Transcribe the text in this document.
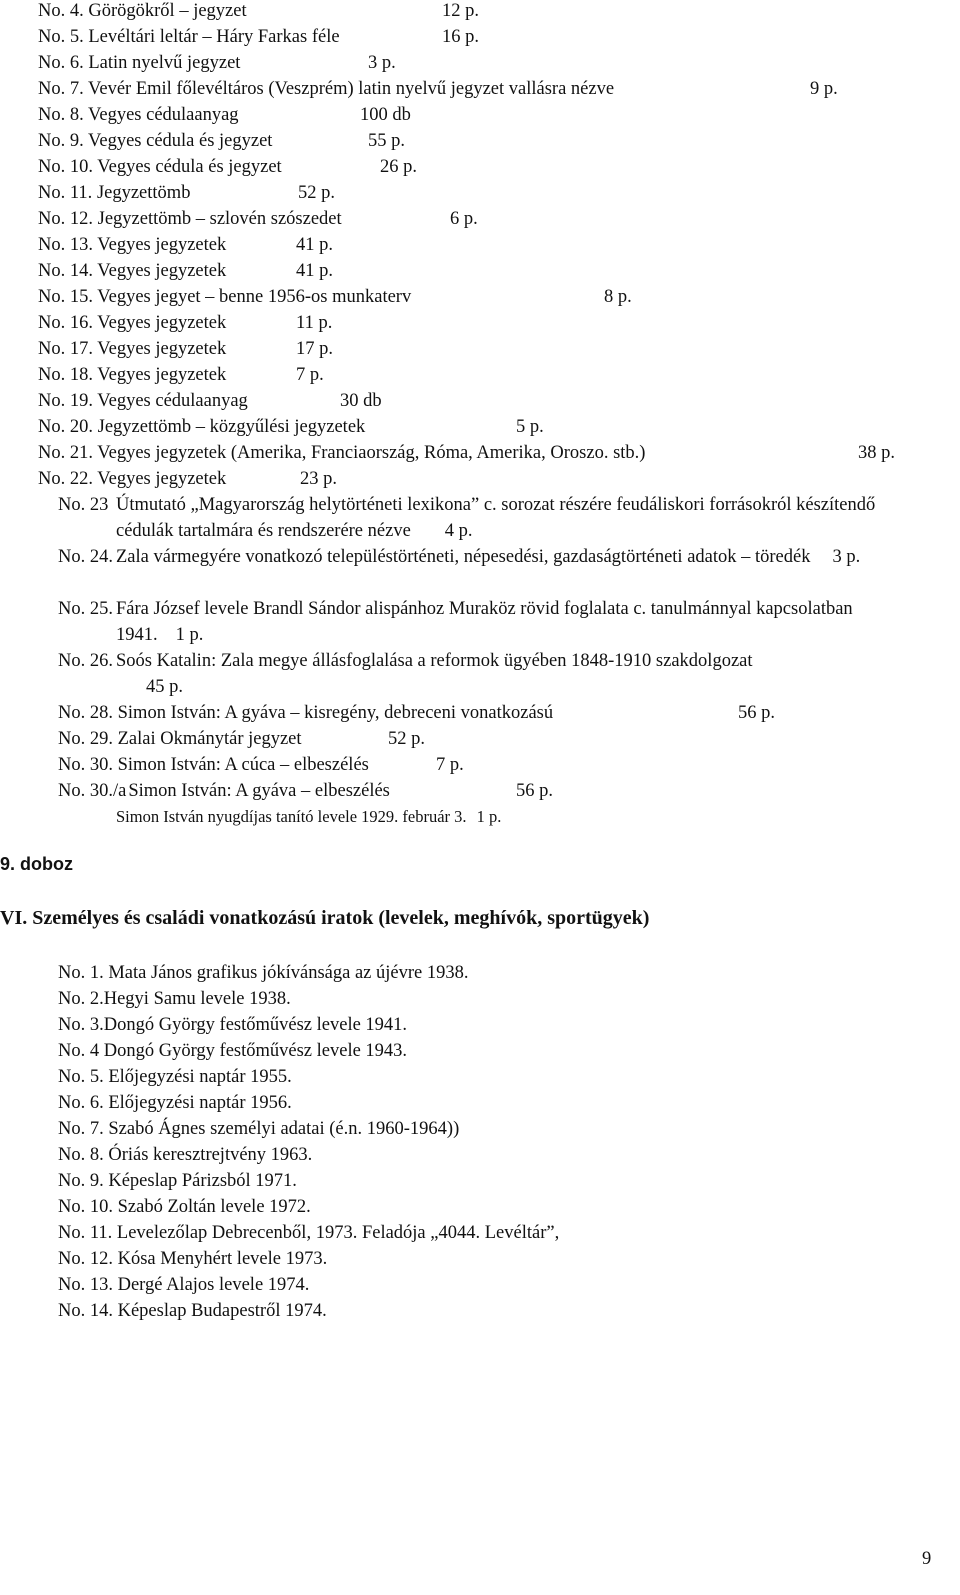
No. 4. Görögökről – jegyzet	12 p.
No. 5. Levéltári leltár – Háry Farkas féle	16 p.
No. 6. Latin nyelvű jegyzet	3 p.
No. 7. Vevér Emil főlevéltáros (Veszprém) latin nyelvű jegyzet vallásra nézve	9 p.
No. 8. Vegyes cédulaanyag	100 db
No. 9. Vegyes cédula és jegyzet	55 p.
No. 10. Vegyes cédula és jegyzet	26 p.
No. 11. Jegyzettömb	52 p.
No. 12. Jegyzettömb – szlovén szószedet	6 p.
No. 13. Vegyes jegyzetek	41 p.
No. 14. Vegyes jegyzetek	41 p.
No. 15. Vegyes jegyet – benne 1956-os munkaterv	8 p.
No. 16. Vegyes jegyzetek	11 p.
No. 17. Vegyes jegyzetek	17 p.
No. 18. Vegyes jegyzetek	7 p.
No. 19. Vegyes cédulaanyag	30 db
No. 20. Jegyzettömb – közgyűlési jegyzetek	5 p.
No. 21. Vegyes jegyzetek (Amerika, Franciaország, Róma, Amerika, Oroszo. stb.)	38 p.
No. 22. Vegyes jegyzetek	23 p.
No. 23 Útmutató „Magyarország helytörténeti lexikona” c. sorozat részére feudáliskori forrásokról készítendő cédulák tartalmára és rendszerére nézve 4 p.
No. 24. Zala vármegyére vonatkozó településtörténeti, népesedési, gazdaságtörténeti adatok – töredék 3 p.
No. 25. Fára József levele Brandl Sándor alispánhoz Muraköz rövid foglalata c. tanulmánnyal kapcsolatban 1941. 1 p.
No. 26. Soós Katalin: Zala megye állásfoglalása a reformok ügyében 1848-1910 szakdolgozat
45 p.
No. 28. Simon István: A gyáva – kisregény, debreceni vonatkozású	56 p.
No. 29. Zalai Okmánytár jegyzet	52 p.
No. 30. Simon István: A cúca – elbeszélés	7 p.
No. 30./a Simon István: A gyáva – elbeszélés	56 p.
Simon István nyugdíjas tanító levele 1929. február 3. 1 p.
9. doboz
VI. Személyes és családi vonatkozású iratok (levelek, meghívók, sportügyek)
No. 1. Mata János grafikus jókívánsága az újévre 1938.
No. 2.Hegyi Samu levele 1938.
No. 3.Dongó György festőművész levele 1941.
No. 4 Dongó György festőművész levele 1943.
No. 5. Előjegyzési naptár 1955.
No. 6. Előjegyzési naptár 1956.
No. 7. Szabó Ágnes személyi adatai (é.n. 1960-1964))
No. 8. Óriás keresztrejtvény 1963.
No. 9. Képeslap Párizsból 1971.
No. 10. Szabó Zoltán levele 1972.
No. 11. Levelezőlap Debrecenből, 1973. Feladója „4044. Levéltár”,
No. 12. Kósa Menyhért levele 1973.
No. 13. Dergé Alajos levele 1974.
No. 14. Képeslap Budapestről 1974.
9
